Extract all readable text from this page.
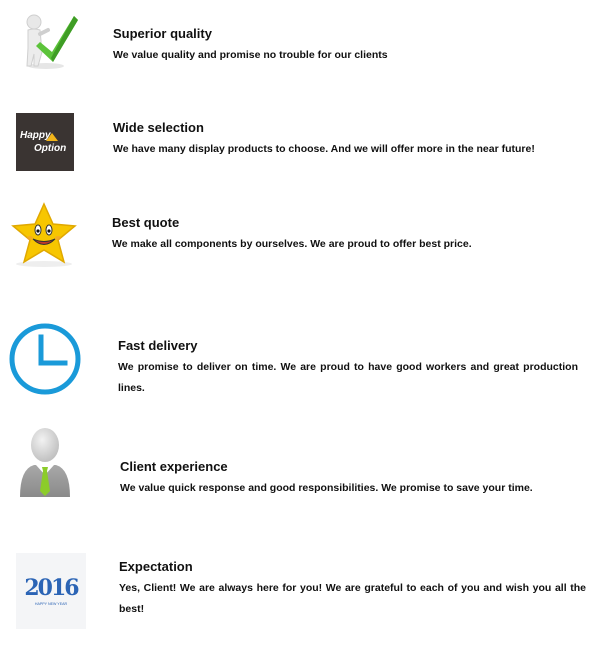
Superior quality
We value quality and promise no trouble for our clients
Happy
Option
Wide selection
We have many display products to choose. And we will offer more in the near future!
Best quote
We make all components by ourselves. We are proud to offer best price.
Fast delivery
We promise to deliver on time. We are proud to have good workers and great production lines.
Client experience
We value quick response and good responsibilities. We promise to save your time.
2016
HAPPY NEW YEAR
Expectation
Yes, Client! We are always here for you! We are grateful to each of you and wish you all the best!
